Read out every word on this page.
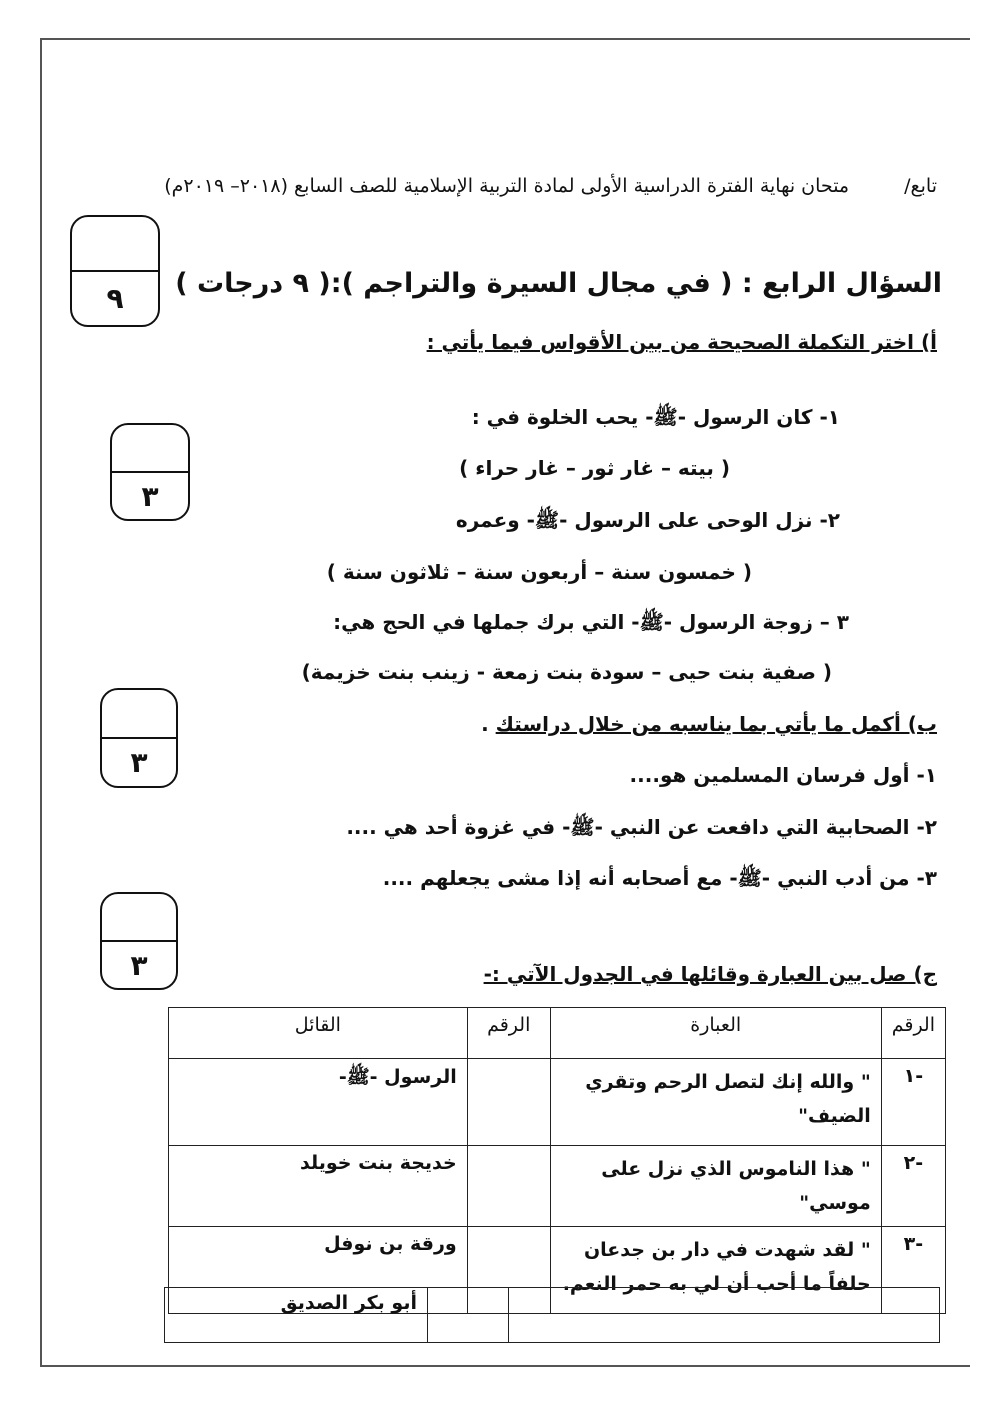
تابع/متحان نهاية الفترة الدراسية الأولى لمادة التربية الإسلامية للصف السابع (٢٠١٨– ٢٠١٩م)
٩	السؤال الرابع : ( في مجال السيرة والتراجم ):( ٩ درجات )
أ) اختر التكملة الصحيحة من بين الأقواس فيما يأتي :
٣
١- كان الرسول -ﷺ- يحب الخلوة في :
( بيته – غار ثور – غار حراء )
٢- نزل الوحى على الرسول -ﷺ- وعمره
( خمسون سنة – أربعون سنة – ثلاثون سنة )
٣ – زوجة الرسول -ﷺ- التي برك جملها في الحج هي:
( صفية بنت حيى – سودة بنت زمعة - زينب بنت خزيمة)
٣
ب) أكمل ما يأتي بما يناسبه من خلال دراستك .
١- أول فرسان المسلمين هو....
٢- الصحابية التي دافعت عن النبي -ﷺ- في غزوة أحد هي ....
٣- من أدب النبي -ﷺ- مع أصحابه أنه إذا مشى يجعلهم ....
٣	ج) صل بين العبارة وقائلها في الجدول الآتي :-
الرقم	العبارة	الرقم	القائل
-١	" والله إنك لتصل الرحم وتقري الضيف"		الرسول -ﷺ-
-٢	" هذا الناموس الذي نزل على موسي"		خديجة بنت خويلد
-٣	" لقد شهدت في دار بن جدعان حلفاً ما أحب أن لي به حمر النعم.		ورقة بن نوفل
		أبو بكر الصديق
